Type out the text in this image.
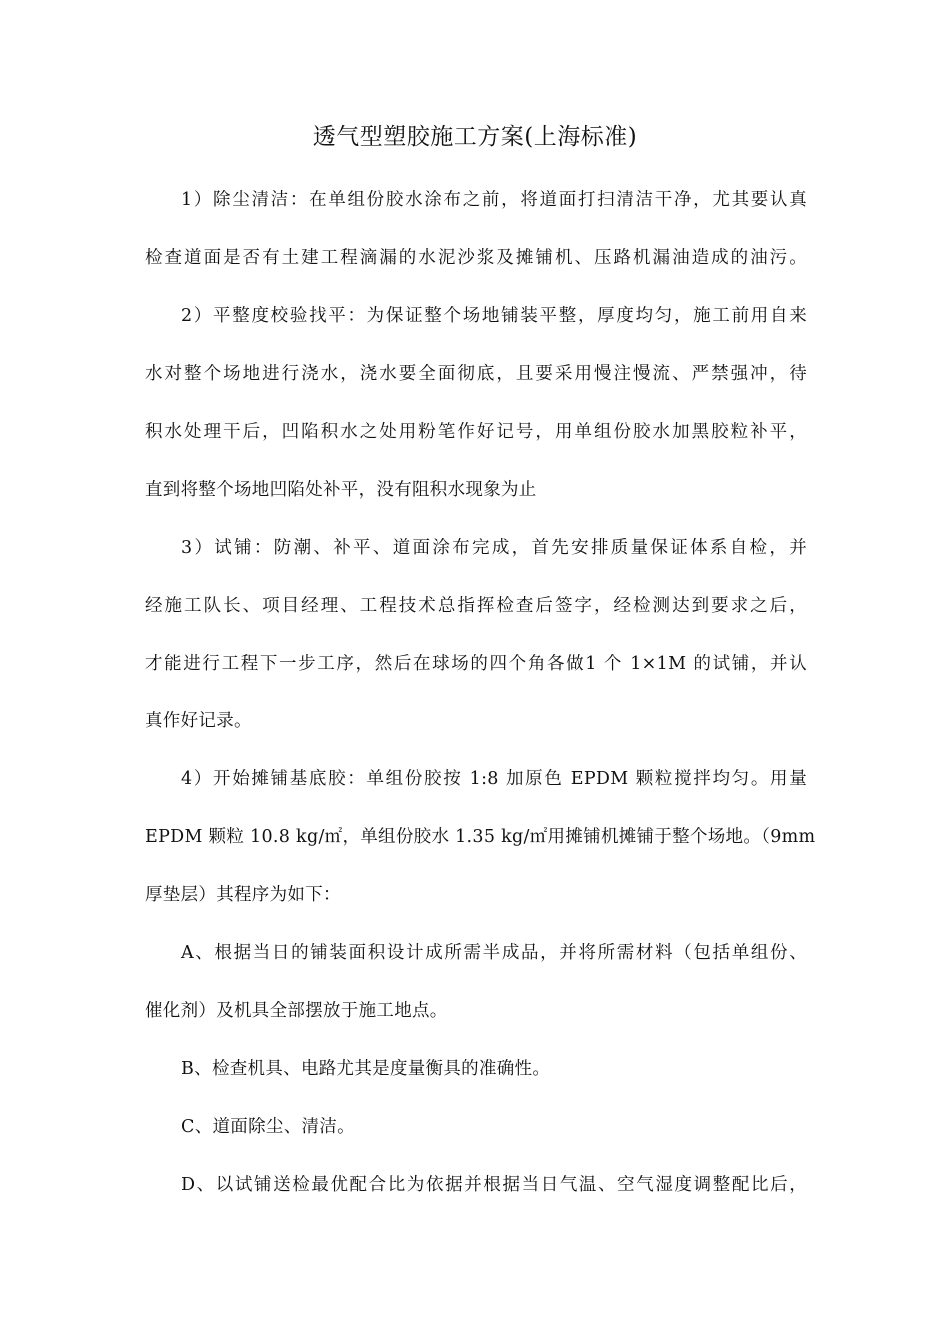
透气型塑胶施工方案(上海标准)
1）除尘清洁：在单组份胶水涂布之前，将道面打扫清洁干净，尤其要认真
检查道面是否有土建工程滴漏的水泥沙浆及摊铺机、压路机漏油造成的油污。
2）平整度校验找平：为保证整个场地铺装平整，厚度均匀，施工前用自来
水对整个场地进行浇水，浇水要全面彻底，且要采用慢注慢流、严禁强冲，待
积水处理干后，凹陷积水之处用粉笔作好记号，用单组份胶水加黑胶粒补平，
直到将整个场地凹陷处补平，没有阻积水现象为止
3）试铺：防潮、补平、道面涂布完成，首先安排质量保证体系自检，并
经施工队长、项目经理、工程技术总指挥检查后签字，经检测达到要求之后，
才能进行工程下一步工序，然后在球场的四个角各做1 个 1×1M 的试铺，并认
真作好记录。
4）开始摊铺基底胶：单组份胶按 1:8 加原色 EPDM 颗粒搅拌均匀。用量
EPDM 颗粒 10.8 kg/㎡，单组份胶水 1.35 kg/㎡用摊铺机摊铺于整个场地。（9mm
厚垫层）其程序为如下：
A、根据当日的铺装面积设计成所需半成品，并将所需材料（包括单组份、
催化剂）及机具全部摆放于施工地点。
B、检查机具、电路尤其是度量衡具的准确性。
C、道面除尘、清洁。
D、以试铺送检最优配合比为依据并根据当日气温、空气湿度调整配比后，
